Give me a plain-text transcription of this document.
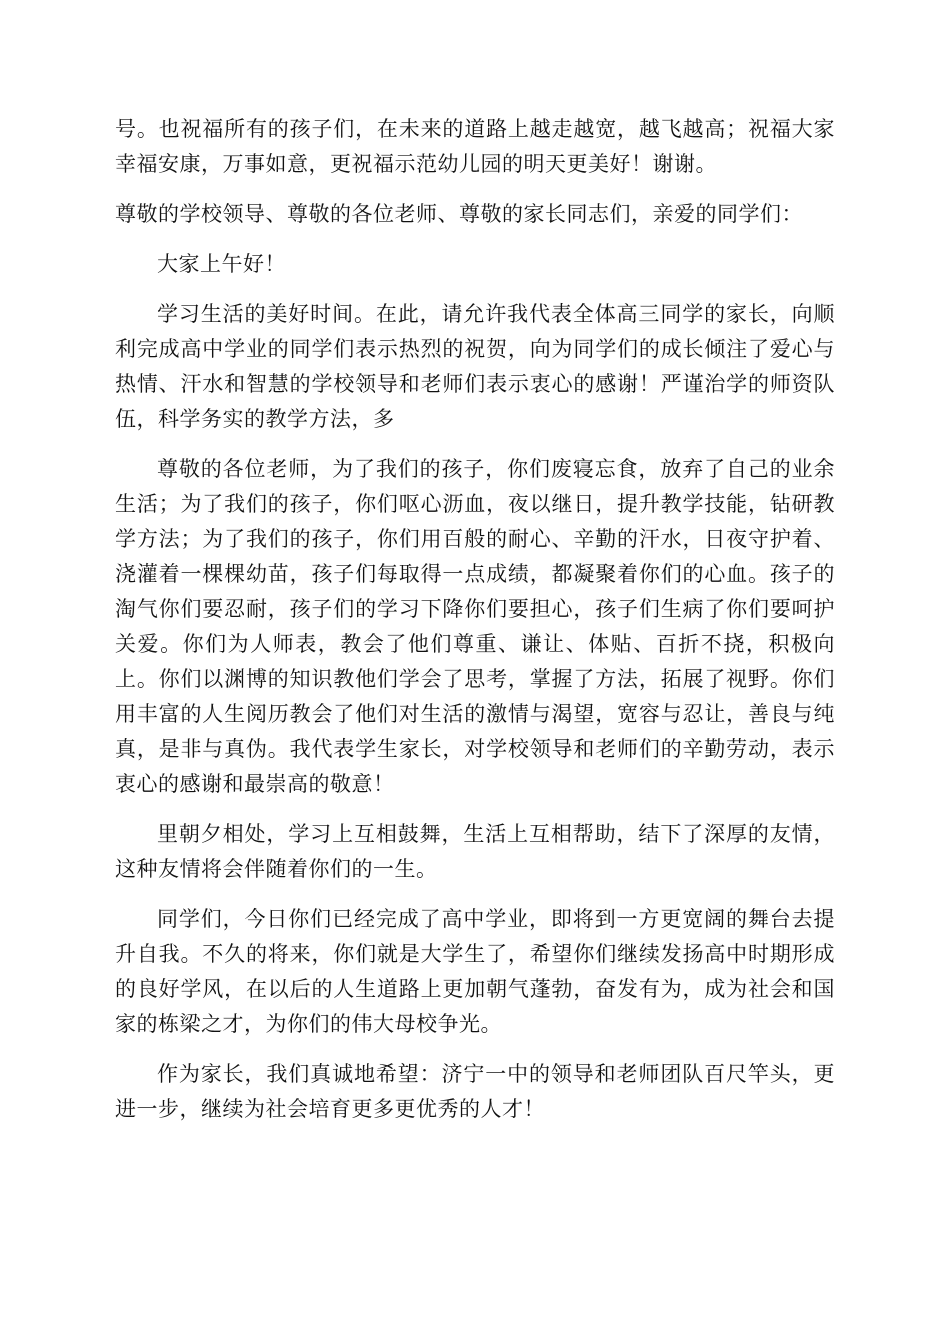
号。也祝福所有的孩子们，在未来的道路上越走越宽，越飞越高；祝福大家幸福安康，万事如意，更祝福示范幼儿园的明天更美好！谢谢。

尊敬的学校领导、尊敬的各位老师、尊敬的家长同志们，亲爱的同学们：

大家上午好！

学习生活的美好时间。在此，请允许我代表全体高三同学的家长，向顺利完成高中学业的同学们表示热烈的祝贺，向为同学们的成长倾注了爱心与热情、汗水和智慧的学校领导和老师们表示衷心的感谢！严谨治学的师资队伍，科学务实的教学方法，多

尊敬的各位老师，为了我们的孩子，你们废寝忘食，放弃了自己的业余生活；为了我们的孩子，你们呕心沥血，夜以继日，提升教学技能，钻研教学方法；为了我们的孩子，你们用百般的耐心、辛勤的汗水，日夜守护着、浇灌着一棵棵幼苗，孩子们每取得一点成绩，都凝聚着你们的心血。孩子的淘气你们要忍耐，孩子们的学习下降你们要担心，孩子们生病了你们要呵护关爱。你们为人师表，教会了他们尊重、谦让、体贴、百折不挠，积极向上。你们以渊博的知识教他们学会了思考，掌握了方法，拓展了视野。你们用丰富的人生阅历教会了他们对生活的激情与渴望，宽容与忍让，善良与纯真，是非与真伪。我代表学生家长，对学校领导和老师们的辛勤劳动，表示衷心的感谢和最崇高的敬意！

里朝夕相处，学习上互相鼓舞，生活上互相帮助，结下了深厚的友情，这种友情将会伴随着你们的一生。

同学们，今日你们已经完成了高中学业，即将到一方更宽阔的舞台去提升自我。不久的将来，你们就是大学生了，希望你们继续发扬高中时期形成的良好学风，在以后的人生道路上更加朝气蓬勃，奋发有为，成为社会和国家的栋梁之才，为你们的伟大母校争光。

作为家长，我们真诚地希望：济宁一中的领导和老师团队百尺竿头，更进一步，继续为社会培育更多更优秀的人才！
